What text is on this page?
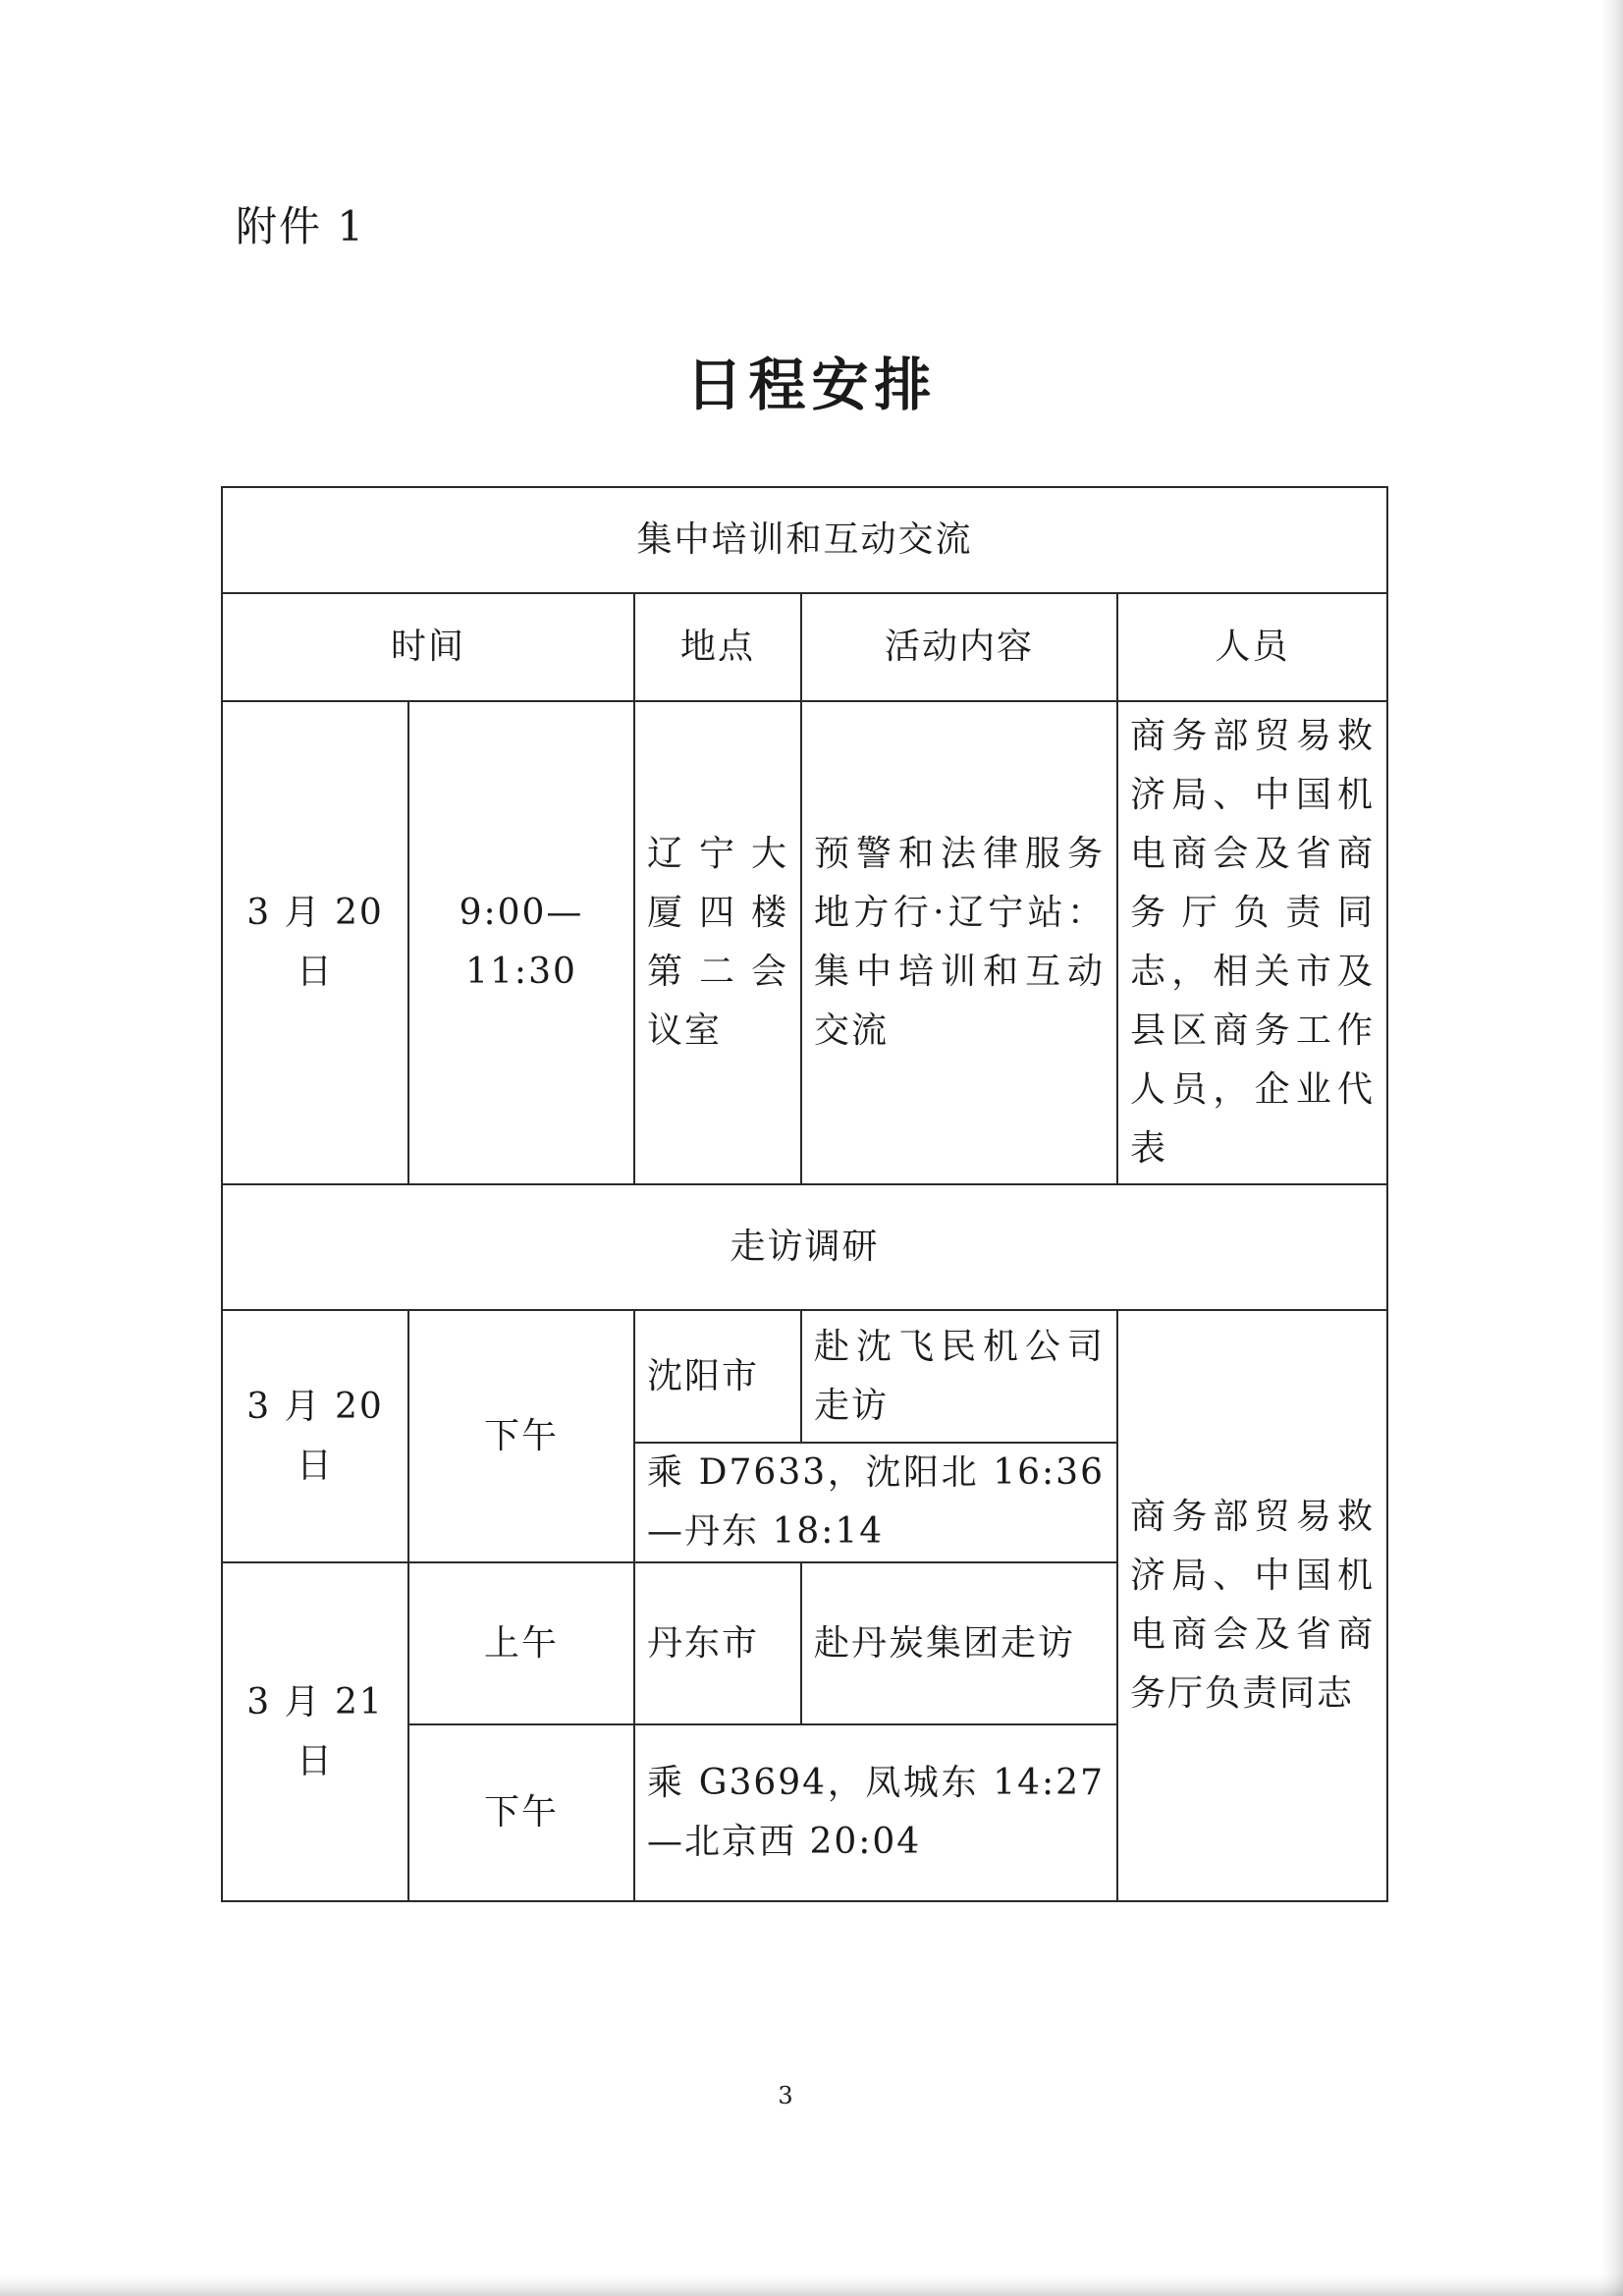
附件 1
日程安排
集中培训和互动交流				
时间		地点	活动内容	人员
3 月 20 日	9:00—11:30	辽宁大厦四楼第二会议室	预警和法律服务地方行·辽宁站：集中培训和互动交流	商务部贸易救济局、中国机电商会及省商务厅负责同志，相关市及县区商务工作人员，企业代表
走访调研				
3 月 20 日	下午	沈阳市	赴沈飞民机公司走访	商务部贸易救济局、中国机电商会及省商务厅负责同志
		乘 D7633，沈阳北 16:36—丹东 18:14		
3 月 21 日	上午	丹东市	赴丹炭集团走访	
	下午	乘 G3694，凤城东 14:27—北京西 20:04		
3
